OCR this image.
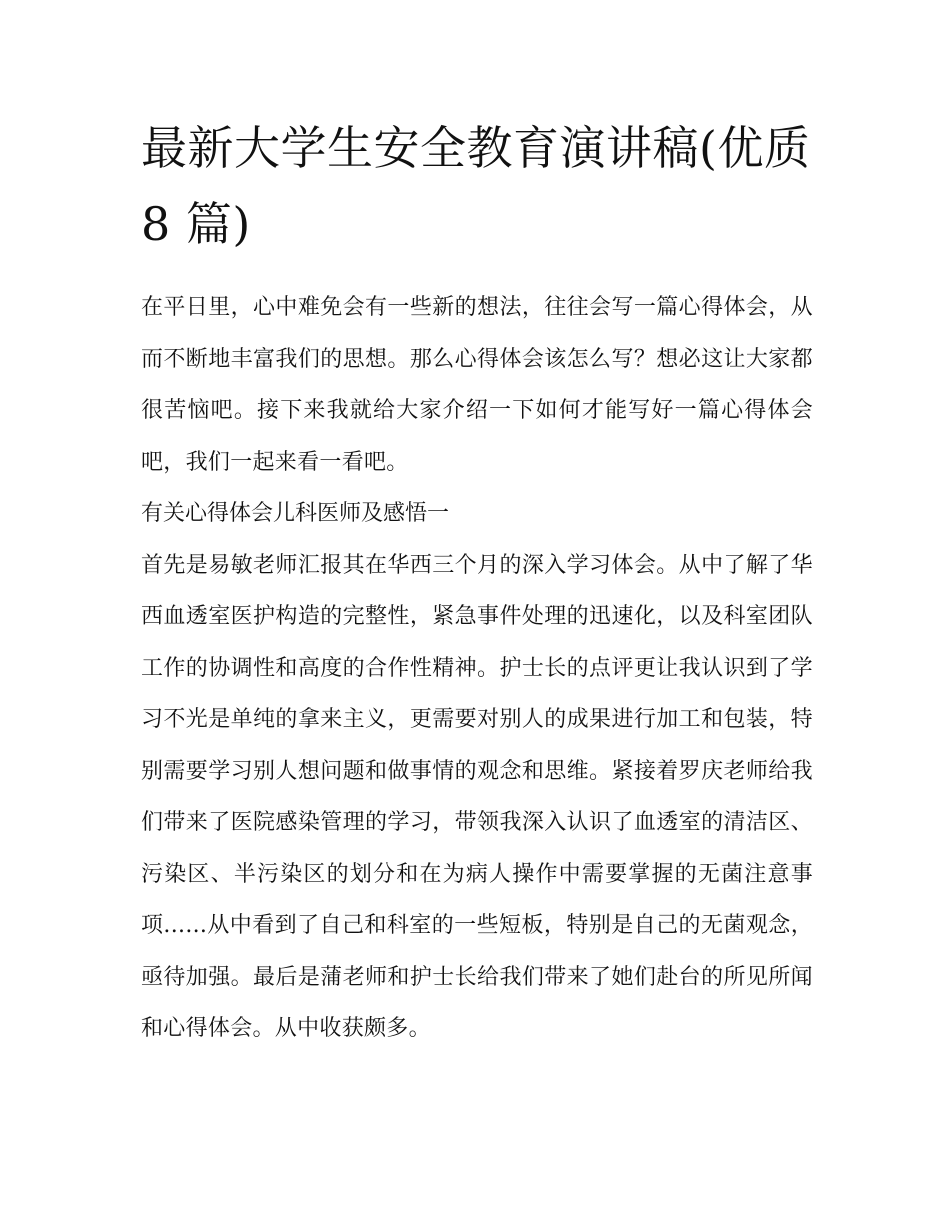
最新大学生安全教育演讲稿(优质 8 篇)

在平日里，心中难免会有一些新的想法，往往会写一篇心得体会，从而不断地丰富我们的思想。那么心得体会该怎么写？想必这让大家都很苦恼吧。接下来我就给大家介绍一下如何才能写好一篇心得体会吧，我们一起来看一看吧。

有关心得体会儿科医师及感悟一

首先是易敏老师汇报其在华西三个月的深入学习体会。从中了解了华西血透室医护构造的完整性，紧急事件处理的迅速化，以及科室团队工作的协调性和高度的合作性精神。护士长的点评更让我认识到了学习不光是单纯的拿来主义，更需要对别人的成果进行加工和包装，特别需要学习别人想问题和做事情的观念和思维。紧接着罗庆老师给我们带来了医院感染管理的学习，带领我深入认识了血透室的清洁区、污染区、半污染区的划分和在为病人操作中需要掌握的无菌注意事项......从中看到了自己和科室的一些短板，特别是自己的无菌观念，亟待加强。最后是蒲老师和护士长给我们带来了她们赴台的所见所闻和心得体会。从中收获颇多。
